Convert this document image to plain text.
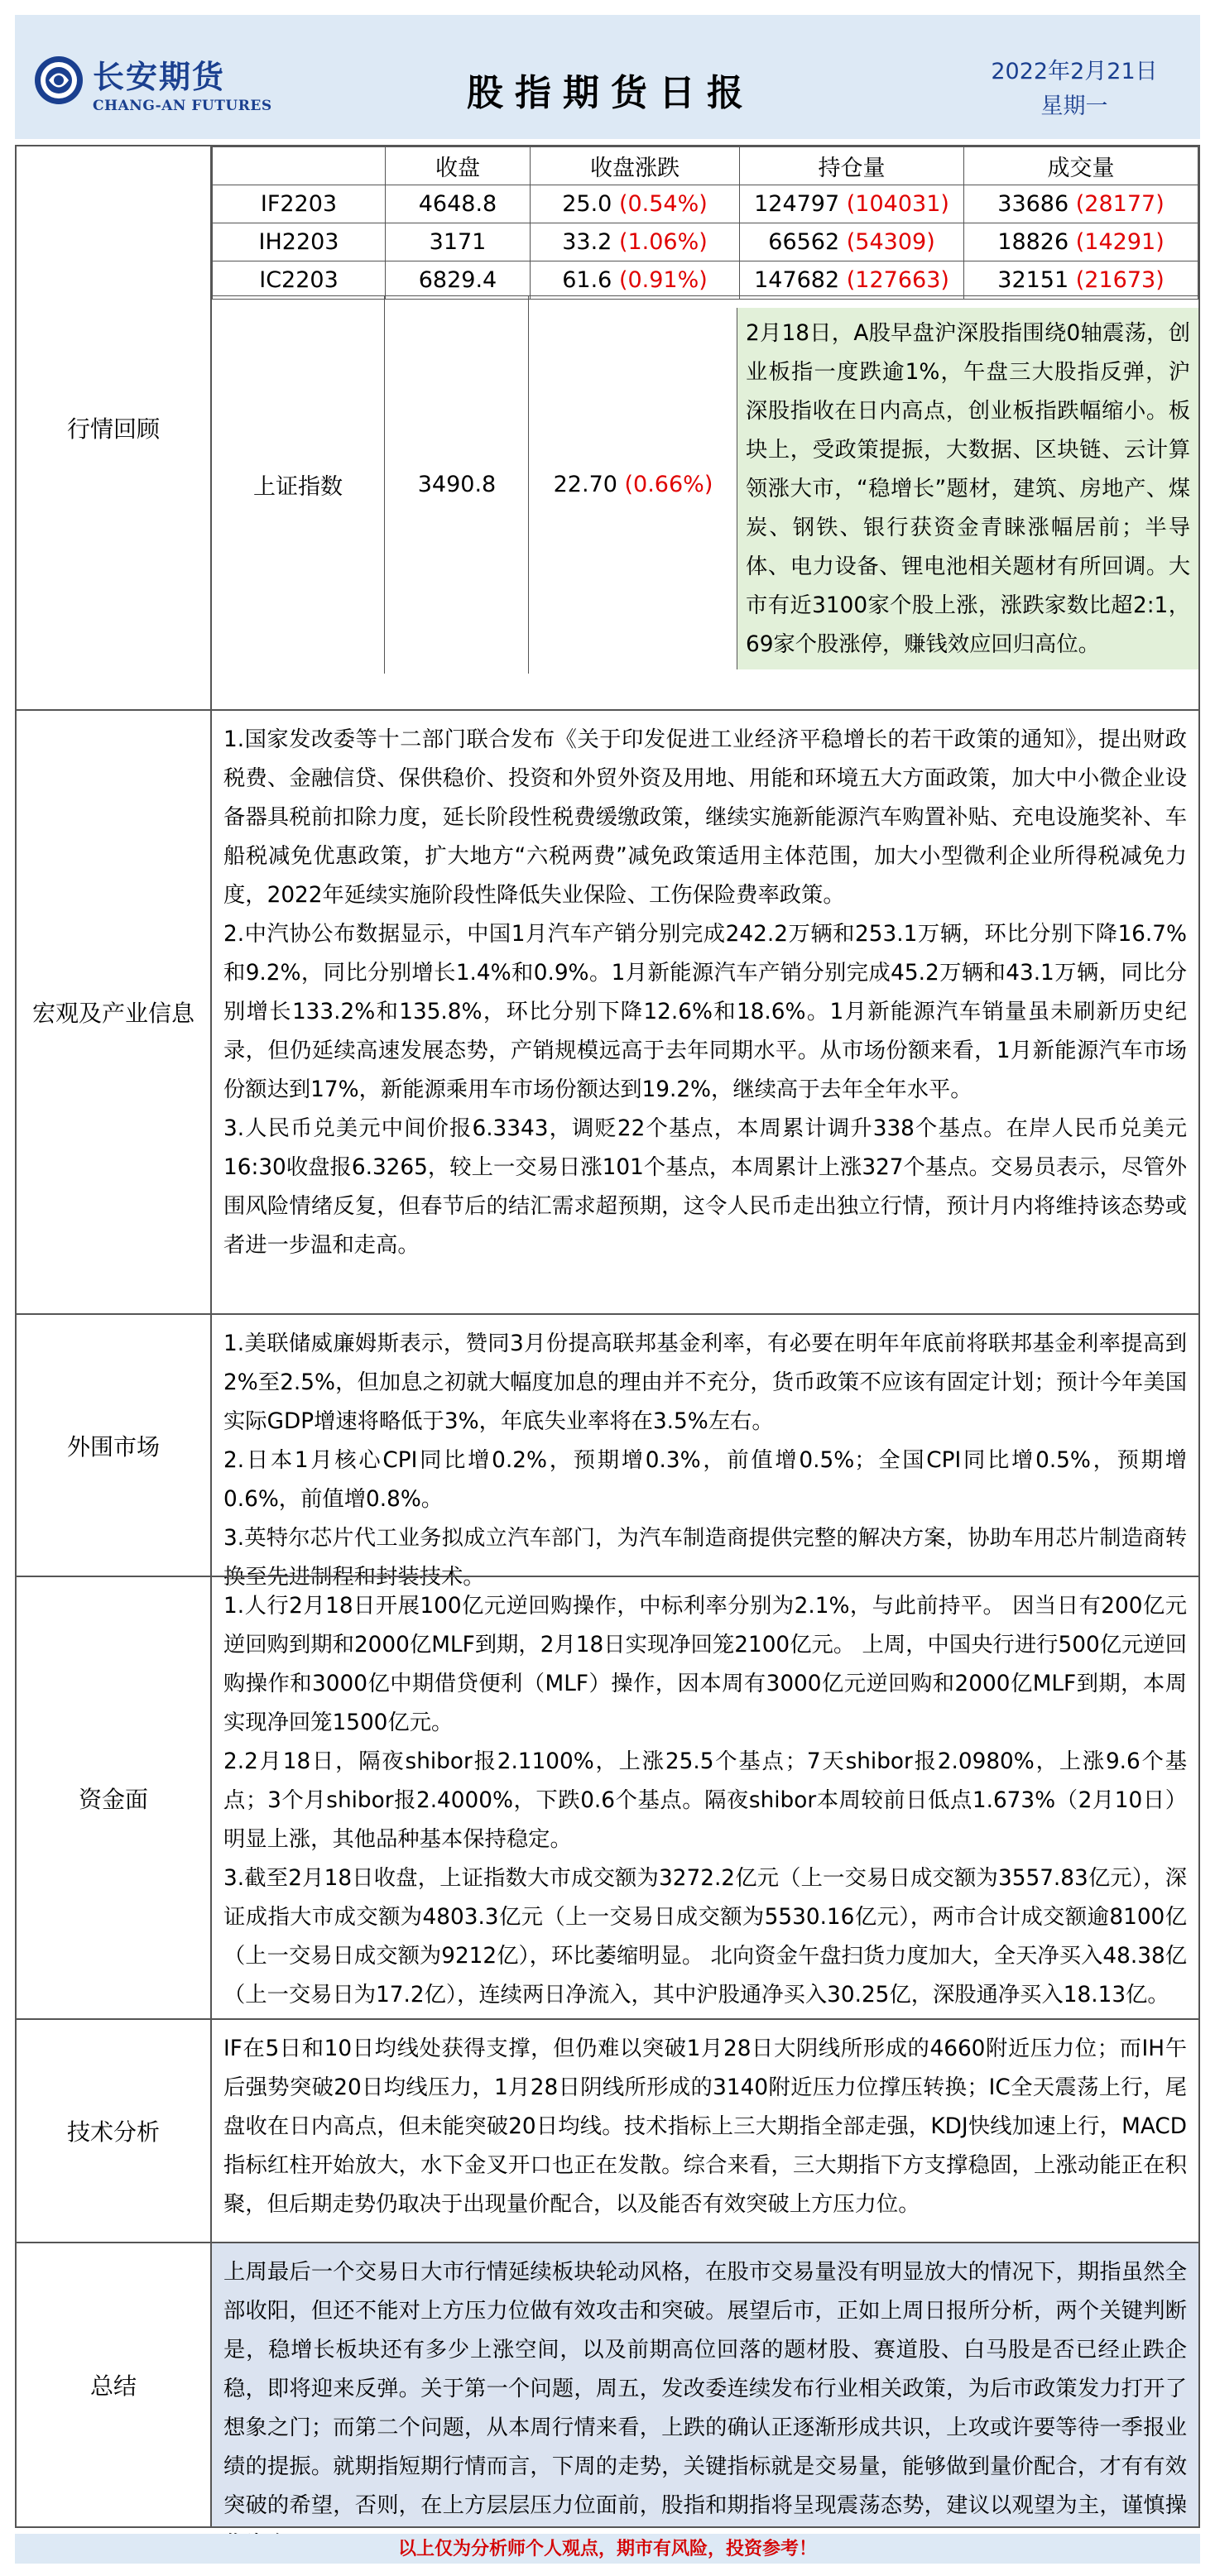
长安期货
CHANG-AN FUTURES	股指期货日报
2022年2月21日
星期一
行情回顾
	收盘	收盘涨跌	持仓量	成交量
IF2203	4648.8	25.0 (0.54%)	124797 (104031)	33686 (28177)
IH2203	3171	33.2 (1.06%)	66562 (54309)	18826 (14291)
IC2203	6829.4	61.6 (0.91%)	147682 (127663)	32151 (21673)
上证指数	3490.8	22.70
(0.66%)
2月18日，A股早盘沪深股指围绕0轴震荡，创业板指一度跌逾1%，午盘三大股指反弹，沪深股指收在日内高点，创业板指跌幅缩小。板块上，受政策提振，大数据、区块链、云计算领涨大市，“稳增长”题材，建筑、房地产、煤炭、钢铁、银行获资金青睐涨幅居前；半导体、电力设备、锂电池相关题材有所回调。大市有近3100家个股上涨，涨跌家数比超2:1，69家个股涨停，赚钱效应回归高位。
宏观及产业信息

1.国家发改委等十二部门联合发布《关于印发促进工业经济平稳增长的若干政策的通知》，提出财政税费、金融信贷、保供稳价、投资和外贸外资及用地、用能和环境五大方面政策，加大中小微企业设备器具税前扣除力度，延长阶段性税费缓缴政策，继续实施新能源汽车购置补贴、充电设施奖补、车船税减免优惠政策，扩大地方“六税两费”减免政策适用主体范围，加大小型微利企业所得税减免力度，2022年延续实施阶段性降低失业保险、工伤保险费率政策。

2.中汽协公布数据显示，中国1月汽车产销分别完成242.2万辆和253.1万辆，环比分别下降16.7%和9.2%，同比分别增长1.4%和0.9%。1月新能源汽车产销分别完成45.2万辆和43.1万辆，同比分别增长133.2%和135.8%，环比分别下降12.6%和18.6%。1月新能源汽车销量虽未刷新历史纪录，但仍延续高速发展态势，产销规模远高于去年同期水平。从市场份额来看，1月新能源汽车市场份额达到17%，新能源乘用车市场份额达到19.2%，继续高于去年全年水平。

3.人民币兑美元中间价报6.3343，调贬22个基点，本周累计调升338个基点。在岸人民币兑美元16:30收盘报6.3265，较上一交易日涨101个基点，本周累计上涨327个基点。交易员表示，尽管外围风险情绪反复，但春节后的结汇需求超预期，这令人民币走出独立行情，预计月内将维持该态势或者进一步温和走高。

外围市场

1.美联储威廉姆斯表示，赞同3月份提高联邦基金利率，有必要在明年年底前将联邦基金利率提高到2%至2.5%，但加息之初就大幅度加息的理由并不充分，货币政策不应该有固定计划；预计今年美国实际GDP增速将略低于3%，年底失业率将在3.5%左右。

2.日本1月核心CPI同比增0.2%，预期增0.3%，前值增0.5%；全国CPI同比增0.5%，预期增0.6%，前值增0.8%。

3.英特尔芯片代工业务拟成立汽车部门，为汽车制造商提供完整的解决方案，协助车用芯片制造商转换至先进制程和封装技术。

资金面

1.人行2月18日开展100亿元逆回购操作，中标利率分别为2.1%，与此前持平。 因当日有200亿元逆回购到期和2000亿MLF到期，2月18日实现净回笼2100亿元。 上周，中国央行进行500亿元逆回购操作和3000亿中期借贷便利（MLF）操作，因本周有3000亿元逆回购和2000亿MLF到期，本周实现净回笼1500亿元。

2.2月18日，隔夜shibor报2.1100%，上涨25.5个基点；7天shibor报2.0980%，上涨9.6个基点；3个月shibor报2.4000%，下跌0.6个基点。隔夜shibor本周较前日低点1.673%（2月10日）明显上涨，其他品种基本保持稳定。

3.截至2月18日收盘，上证指数大市成交额为3272.2亿元（上一交易日成交额为3557.83亿元），深证成指大市成交额为4803.3亿元（上一交易日成交额为5530.16亿元），两市合计成交额逾8100亿（上一交易日成交额为9212亿），环比萎缩明显。 北向资金午盘扫货力度加大，全天净买入48.38亿（上一交易日为17.2亿），连续两日净流入，其中沪股通净买入30.25亿，深股通净买入18.13亿。

技术分析

IF在5日和10日均线处获得支撑，但仍难以突破1月28日大阴线所形成的4660附近压力位；而IH午后强势突破20日均线压力，1月28日阴线所形成的3140附近压力位撑压转换；IC全天震荡上行，尾盘收在日内高点，但未能突破20日均线。技术指标上三大期指全部走强，KDJ快线加速上行，MACD指标红柱开始放大，水下金叉开口也正在发散。综合来看，三大期指下方支撑稳固，上涨动能正在积聚，但后期走势仍取决于出现量价配合，以及能否有效突破上方压力位。

总结

上周最后一个交易日大市行情延续板块轮动风格，在股市交易量没有明显放大的情况下，期指虽然全部收阳，但还不能对上方压力位做有效攻击和突破。展望后市，正如上周日报所分析，两个关键判断是，稳增长板块还有多少上涨空间，以及前期高位回落的题材股、赛道股、白马股是否已经止跌企稳，即将迎来反弹。关于第一个问题，周五，发改委连续发布行业相关政策，为后市政策发力打开了想象之门；而第二个问题，从本周行情来看，上跌的确认正逐渐形成共识，上攻或许要等待一季报业绩的提振。就期指短期行情而言，下周的走势，关键指标就是交易量，能够做到量价配合，才有有效突破的希望，否则，在上方层层压力位面前，股指和期指将呈现震荡态势，建议以观望为主，谨慎操

以上仅为分析师个人观点，期市有风险，投资参考！
